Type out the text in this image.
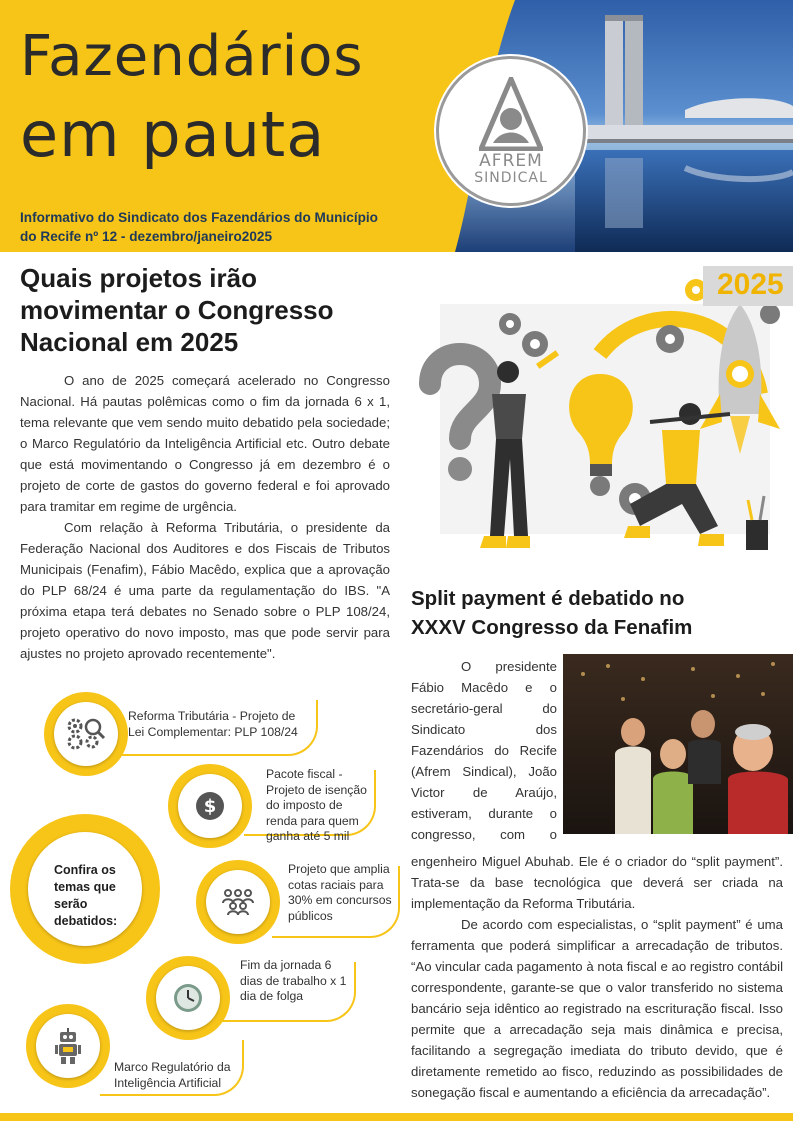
Fazendários
em pauta
Informativo do Sindicato dos Fazendários do Município do Recife nº 12 - dezembro/janeiro2025
AFREM
SINDICAL
Quais projetos irão movimentar o Congresso Nacional em 2025

O ano de 2025 começará acelerado no Congresso Nacional. Há pautas polêmicas como o fim da jornada 6 x 1, tema relevante que vem sendo muito debatido pela sociedade; o Marco Regulatório da Inteligência Artificial etc. Outro debate que está movimentando o Congresso já em dezembro é o projeto de corte de gastos do governo federal e foi aprovado para tramitar em regime de urgência.

Com relação à Reforma Tributária, o presidente da Federação Nacional dos Auditores e dos Fiscais de Tributos Municipais (Fenafim), Fábio Macêdo, explica que a aprovação do PLP 68/24 é uma parte da regulamentação do IBS. "A próxima etapa terá debates no Senado sobre o PLP 108/24, projeto operativo do novo imposto, mas que pode servir para ajustes no projeto aprovado recentemente".

Reforma Tributária - Projeto de Lei Complementar: PLP 108/24
$
Pacote fiscal - Projeto de isenção do imposto de renda para quem ganha até 5 mil
Confira os temas que serão debatidos:
Projeto que amplia cotas raciais para 30% em concursos públicos
Fim da jornada 6 dias de trabalho x 1 dia de folga
Marco Regulatório da Inteligência Artificial
2025
Split payment é debatido no XXXV Congresso da Fenafim

O presidente Fábio Macêdo e o secretário-geral do Sindicato dos Fazendários do Recife (Afrem Sindical), João Victor de Araújo, estiveram, durante o congresso, com o

engenheiro Miguel Abuhab. Ele é o criador do “split payment”. Trata-se da base tecnológica que deverá ser criada na implementação da Reforma Tributária.

De acordo com especialistas, o “split payment” é uma ferramenta que poderá simplificar a arrecadação de tributos. “Ao vincular cada pagamento à nota fiscal e ao registro contábil correspondente, garante-se que o valor transferido no sistema bancário seja idêntico ao registrado na escrituração fiscal. Isso permite que a arrecadação seja mais dinâmica e precisa, facilitando a segregação imediata do tributo devido, que é diretamente remetido ao fisco, reduzindo as possibilidades de sonegação fiscal e aumentando a eficiência da arrecadação”.
